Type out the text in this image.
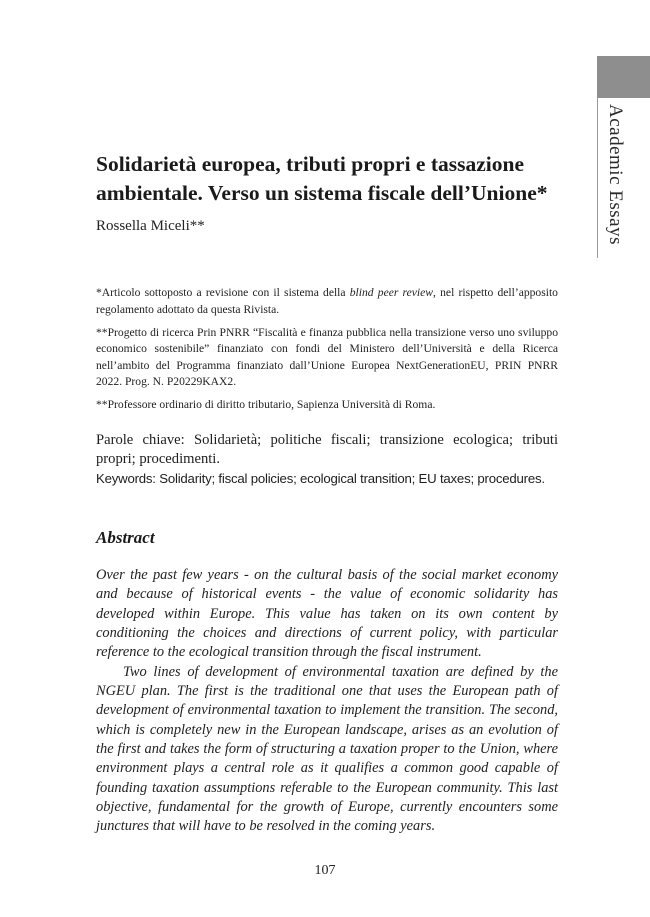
Academic Essays
Solidarietà europea, tributi propri e tassazione ambientale. Verso un sistema fiscale dell’Unione*
Rossella Miceli**

*Articolo sottoposto a revisione con il sistema della blind peer review, nel rispetto dell’apposito regolamento adottato da questa Rivista.

**Progetto di ricerca Prin PNRR “Fiscalità e finanza pubblica nella transizione verso uno sviluppo economico sostenibile” finanziato con fondi del Ministero dell’Università e della Ricerca nell’ambito del Programma finanziato dall’Unione Europea NextGenerationEU, PRIN PNRR 2022. Prog. N. P20229KAX2.

**Professore ordinario di diritto tributario, Sapienza Università di Roma.

Parole chiave: Solidarietà; politiche fiscali; transizione ecologica; tributi propri; procedimenti.

Keywords: Solidarity; fiscal policies; ecological transition; EU taxes; procedures.

Abstract

Over the past few years - on the cultural basis of the social market economy and because of historical events - the value of economic solidarity has developed within Europe. This value has taken on its own content by conditioning the choices and directions of current policy, with particular reference to the ecological transition through the fiscal instrument.

Two lines of development of environmental taxation are defined by the NGEU plan. The first is the traditional one that uses the European path of development of environmental taxation to implement the transition. The second, which is completely new in the European landscape, arises as an evolution of the first and takes the form of structuring a taxation proper to the Union, where environment plays a central role as it qualifies a common good capable of founding taxation assumptions referable to the European community. This last objective, fundamental for the growth of Europe, currently encounters some junctures that will have to be resolved in the coming years.

107
